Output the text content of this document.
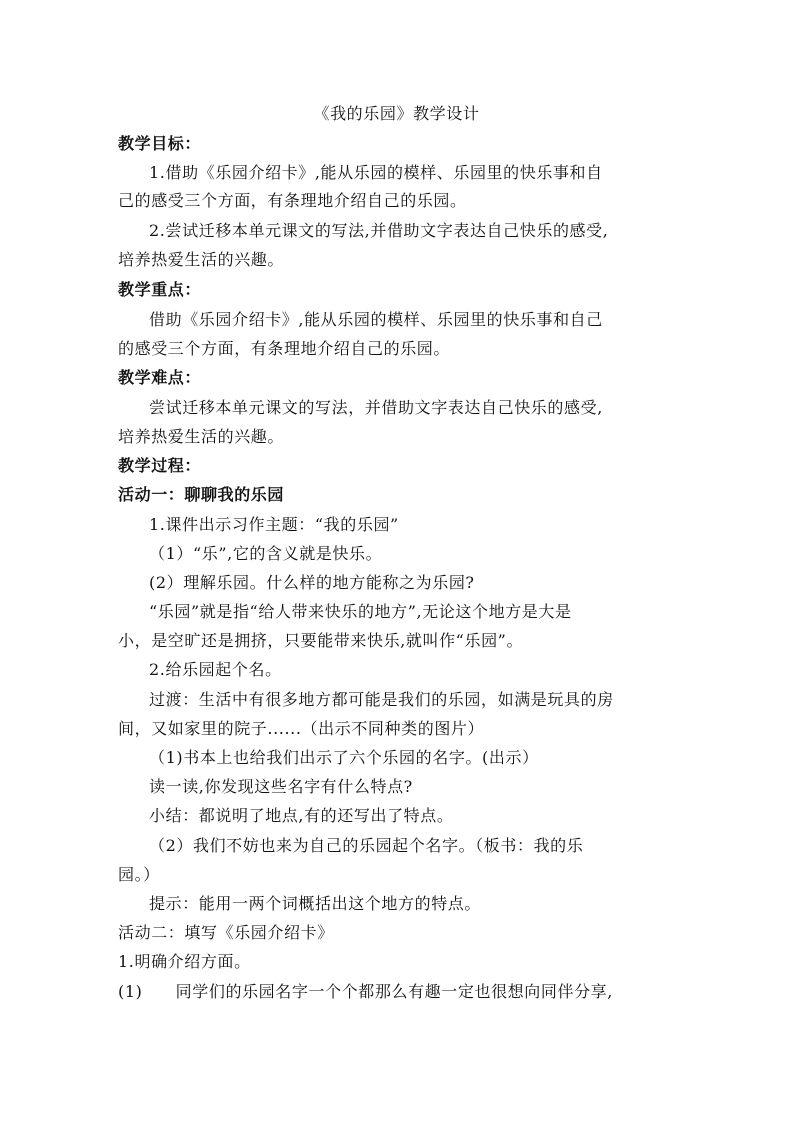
《我的乐园》教学设计
教学目标：
1.借助《乐园介绍卡》,能从乐园的模样、乐园里的快乐事和自
己的感受三个方面，有条理地介绍自己的乐园。
2.尝试迁移本单元课文的写法,并借助文字表达自己快乐的感受,
培养热爱生活的兴趣。
教学重点：
借助《乐园介绍卡》,能从乐园的模样、乐园里的快乐事和自己
的感受三个方面，有条理地介绍自己的乐园。
教学难点：
尝试迁移本单元课文的写法，并借助文字表达自己快乐的感受,
培养热爱生活的兴趣。
教学过程：
活动一：聊聊我的乐园
1.课件出示习作主题：“我的乐园”
（1）“乐”,它的含义就是快乐。
(2）理解乐园。什么样的地方能称之为乐园?
“乐园”就是指“给人带来快乐的地方”,无论这个地方是大是
小，是空旷还是拥挤，只要能带来快乐,就叫作“乐园”。
2.给乐园起个名。
过渡：生活中有很多地方都可能是我们的乐园，如满是玩具的房
间，又如家里的院子......（出示不同种类的图片）
（1)书本上也给我们出示了六个乐园的名字。(出示）
读一读,你发现这些名字有什么特点?
小结：都说明了地点,有的还写出了特点。
（2）我们不妨也来为自己的乐园起个名字。（板书：我的乐
园。）
提示：能用一两个词概括出这个地方的特点。
活动二：填写《乐园介绍卡》
1.明确介绍方面。
(1)　　同学们的乐园名字一个个都那么有趣一定也很想向同伴分享,
